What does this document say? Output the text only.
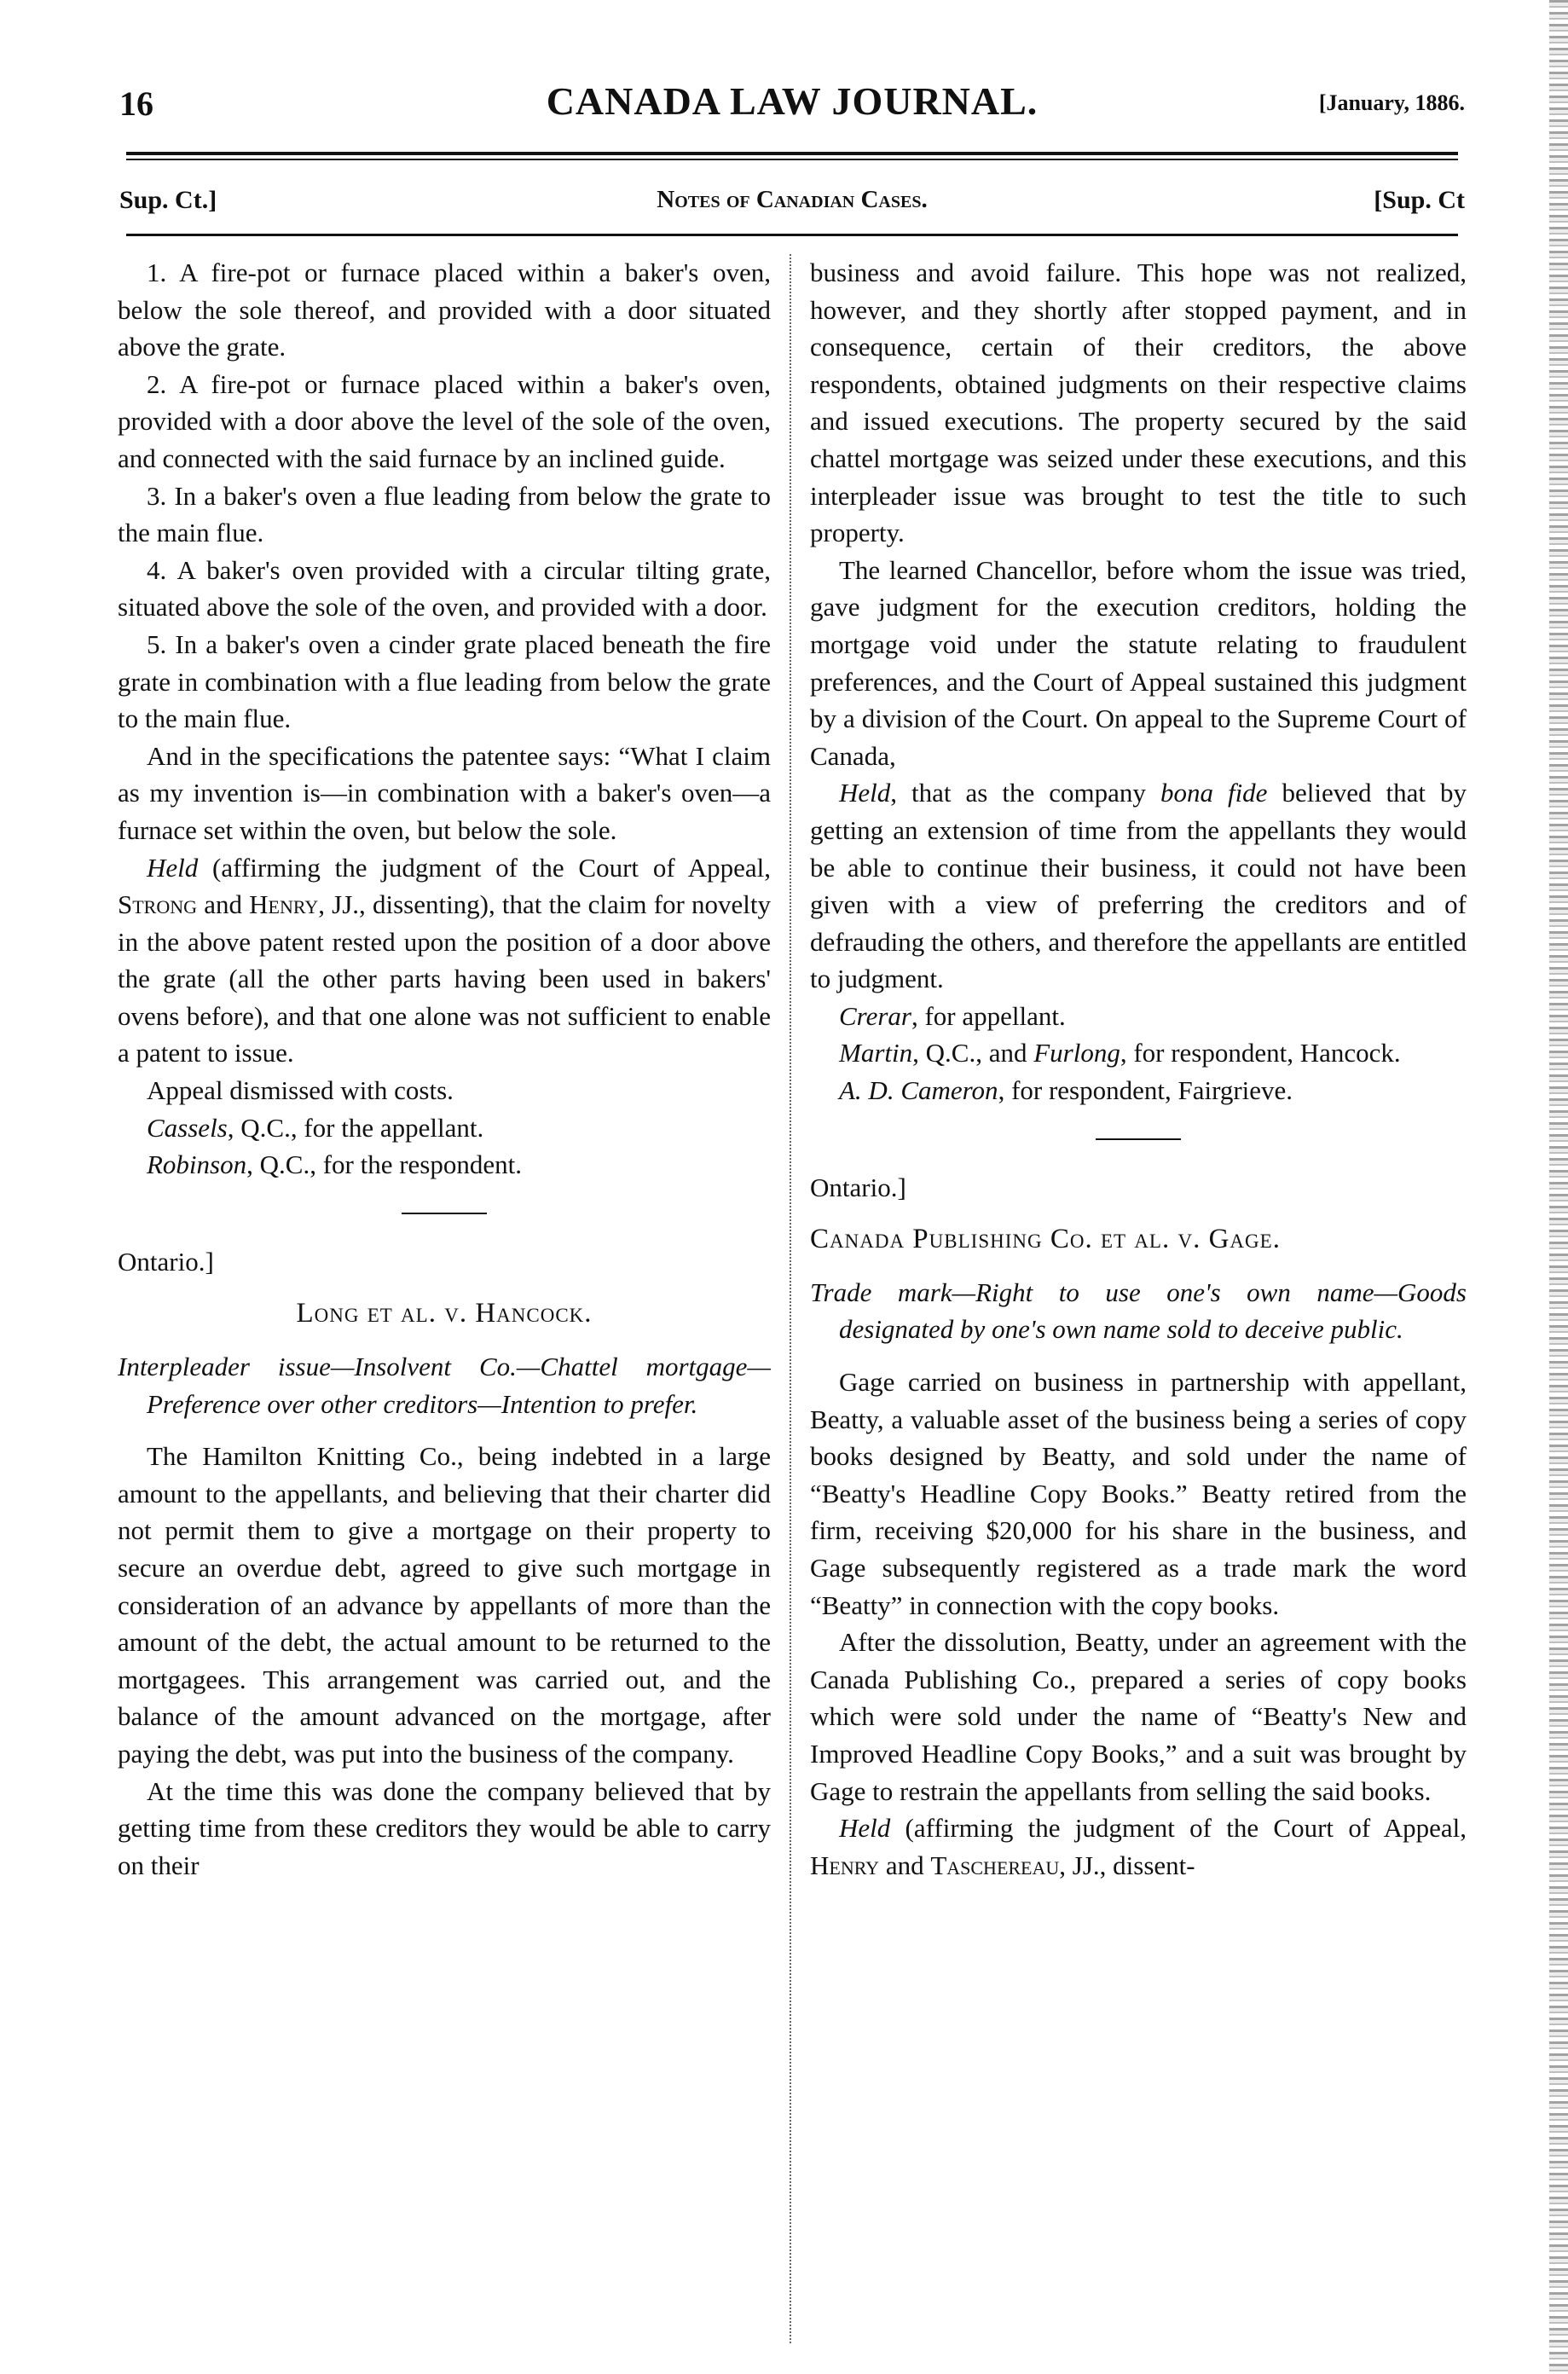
16	CANADA LAW JOURNAL.	[January, 1886.
Sup. Ct.]	Notes of Canadian Cases.	[Sup. Ct

1. A fire-pot or furnace placed within a baker's oven, below the sole thereof, and provided with a door situated above the grate.

2. A fire-pot or furnace placed within a baker's oven, provided with a door above the level of the sole of the oven, and connected with the said furnace by an inclined guide.

3. In a baker's oven a flue leading from below the grate to the main flue.

4. A baker's oven provided with a circular tilting grate, situated above the sole of the oven, and provided with a door.

5. In a baker's oven a cinder grate placed beneath the fire grate in combination with a flue leading from below the grate to the main flue.

And in the specifications the patentee says: “What I claim as my invention is—in combination with a baker's oven—a furnace set within the oven, but below the sole.

Held (affirming the judgment of the Court of Appeal, Strong and Henry, JJ., dissenting), that the claim for novelty in the above patent rested upon the position of a door above the grate (all the other parts having been used in bakers' ovens before), and that one alone was not sufficient to enable a patent to issue.

Appeal dismissed with costs.

Cassels, Q.C., for the appellant.

Robinson, Q.C., for the respondent.

Ontario.]

Long et al. v. Hancock.

Interpleader issue—Insolvent Co.—Chattel mortgage—Preference over other creditors—Intention to prefer.

The Hamilton Knitting Co., being indebted in a large amount to the appellants, and believing that their charter did not permit them to give a mortgage on their property to secure an overdue debt, agreed to give such mortgage in consideration of an advance by appellants of more than the amount of the debt, the actual amount to be returned to the mortgagees. This arrangement was carried out, and the balance of the amount advanced on the mortgage, after paying the debt, was put into the business of the company.

At the time this was done the company believed that by getting time from these creditors they would be able to carry on their

business and avoid failure. This hope was not realized, however, and they shortly after stopped payment, and in consequence, certain of their creditors, the above respondents, obtained judgments on their respective claims and issued executions. The property secured by the said chattel mortgage was seized under these executions, and this interpleader issue was brought to test the title to such property.

The learned Chancellor, before whom the issue was tried, gave judgment for the execution creditors, holding the mortgage void under the statute relating to fraudulent preferences, and the Court of Appeal sustained this judgment by a division of the Court. On appeal to the Supreme Court of Canada,

Held, that as the company bona fide believed that by getting an extension of time from the appellants they would be able to continue their business, it could not have been given with a view of preferring the creditors and of defrauding the others, and therefore the appellants are entitled to judgment.

Crerar, for appellant.

Martin, Q.C., and Furlong, for respondent, Hancock.

A. D. Cameron, for respondent, Fairgrieve.

Ontario.]

Canada Publishing Co. et al. v. Gage.

Trade mark—Right to use one's own name—Goods designated by one's own name sold to deceive public.

Gage carried on business in partnership with appellant, Beatty, a valuable asset of the business being a series of copy books designed by Beatty, and sold under the name of “Beatty's Headline Copy Books.” Beatty retired from the firm, receiving $20,000 for his share in the business, and Gage subsequently registered as a trade mark the word “Beatty” in connection with the copy books.

After the dissolution, Beatty, under an agreement with the Canada Publishing Co., prepared a series of copy books which were sold under the name of “Beatty's New and Improved Headline Copy Books,” and a suit was brought by Gage to restrain the appellants from selling the said books.

Held (affirming the judgment of the Court of Appeal, Henry and Taschereau, JJ., dissent-
